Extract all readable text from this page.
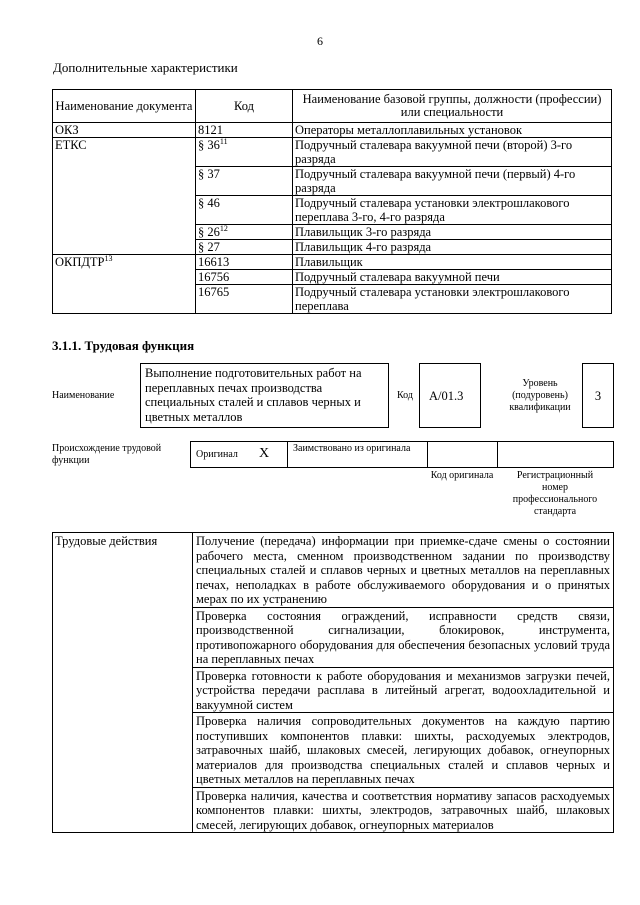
6
Дополнительные характеристики
Наименование документа	Код	Наименование базовой группы, должности (профессии) или специальности
ОКЗ	8121	Операторы металлоплавильных установок
ЕТКС	§ $36^{11}$	Подручный сталевара вакуумной печи (второй) 3-го разряда
	§ 37	Подручный сталевара вакуумной печи (первый) 4-го разряда
	§ 46	Подручный сталевара установки электрошлакового переплава 3-го, 4-го разряда
	§ $26^{12}$	Плавильщик 3-го разряда
	§ 27	Плавильщик 4-го разряда
ОКПДТР$^{13}$	16613	Плавильщик
	16756	Подручный сталевара вакуумной печи
	16765	Подручный сталевара установки электрошлакового переплава
3.1.1. Трудовая функция
Наименование
Выполнение подготовительных работ на переплавных печах производства специальных сталей и сплавов черных и цветных металлов
Код А/01.3
Уровень (подуровень) квалификации
3
Происхождение трудовой функции
Оригинал X Заимствовано из оригинала
Код оригинала	Регистрационный номер профессионального стандарта
Трудовые действия	Получение (передача) информации при приемке-сдаче смены о состоянии рабочего места, сменном производственном задании по производству специальных сталей и сплавов черных и цветных металлов на переплавных печах, неполадках в работе обслуживаемого оборудования и о принятых мерах по их устранению
Проверка состояния ограждений, исправности средств связи, производственной сигнализации, блокировок, инструмента, противопожарного оборудования для обеспечения безопасных условий труда на переплавных печах
Проверка готовности к работе оборудования и механизмов загрузки печей, устройства передачи расплава в литейный агрегат, водоохладительной и вакуумной систем
Проверка наличия сопроводительных документов на каждую партию поступивших компонентов плавки: шихты, расходуемых электродов, затравочных шайб, шлаковых смесей, легирующих добавок, огнеупорных материалов для производства специальных сталей и сплавов черных и цветных металлов на переплавных печах
Проверка наличия, качества и соответствия нормативу запасов расходуемых компонентов плавки: шихты, электродов, затравочных шайб, шлаковых смесей, легирующих добавок, огнеупорных материалов
